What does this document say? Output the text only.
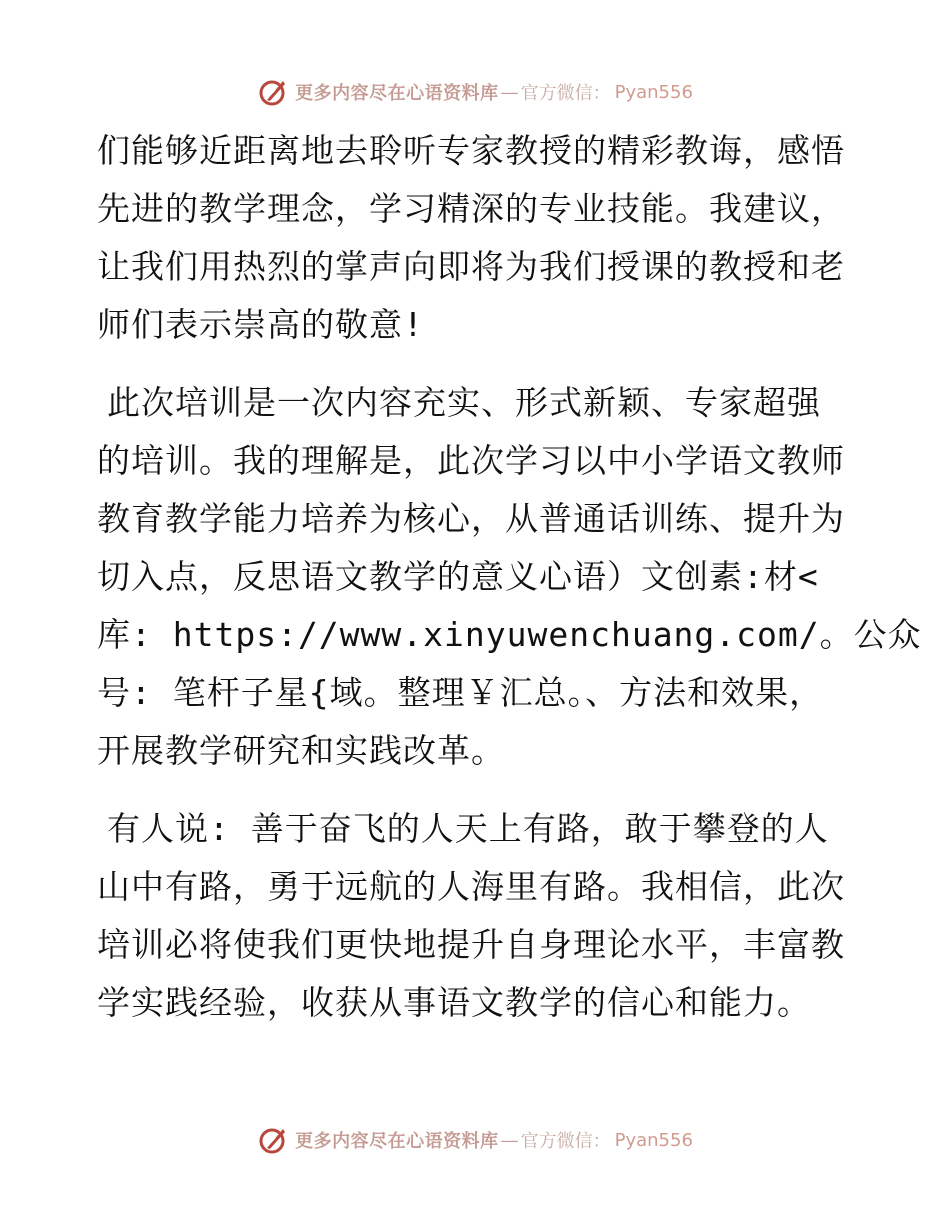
更多内容尽在心语资料库 — 官方微信： Pyan556

们能够近距离地去聆听专家教授的精彩教诲，感悟
先进的教学理念，学习精深的专业技能。我建议，
让我们用热烈的掌声向即将为我们授课的教授和老
师们表示崇高的敬意!

此次培训是一次内容充实、形式新颖、专家超强
的培训。我的理解是，此次学习以中小学语文教师
教育教学能力培养为核心，从普通话训练、提升为
切入点，反思语文教学的意义心语）文创素:材<
库: https://www.xinyuwenchuang.com/。公众
号: 笔杆子星{域。整理￥汇总。、方法和效果，
开展教学研究和实践改革。

有人说: 善于奋飞的人天上有路，敢于攀登的人
山中有路，勇于远航的人海里有路。我相信，此次
培训必将使我们更快地提升自身理论水平，丰富教
学实践经验，收获从事语文教学的信心和能力。

更多内容尽在心语资料库 — 官方微信： Pyan556
